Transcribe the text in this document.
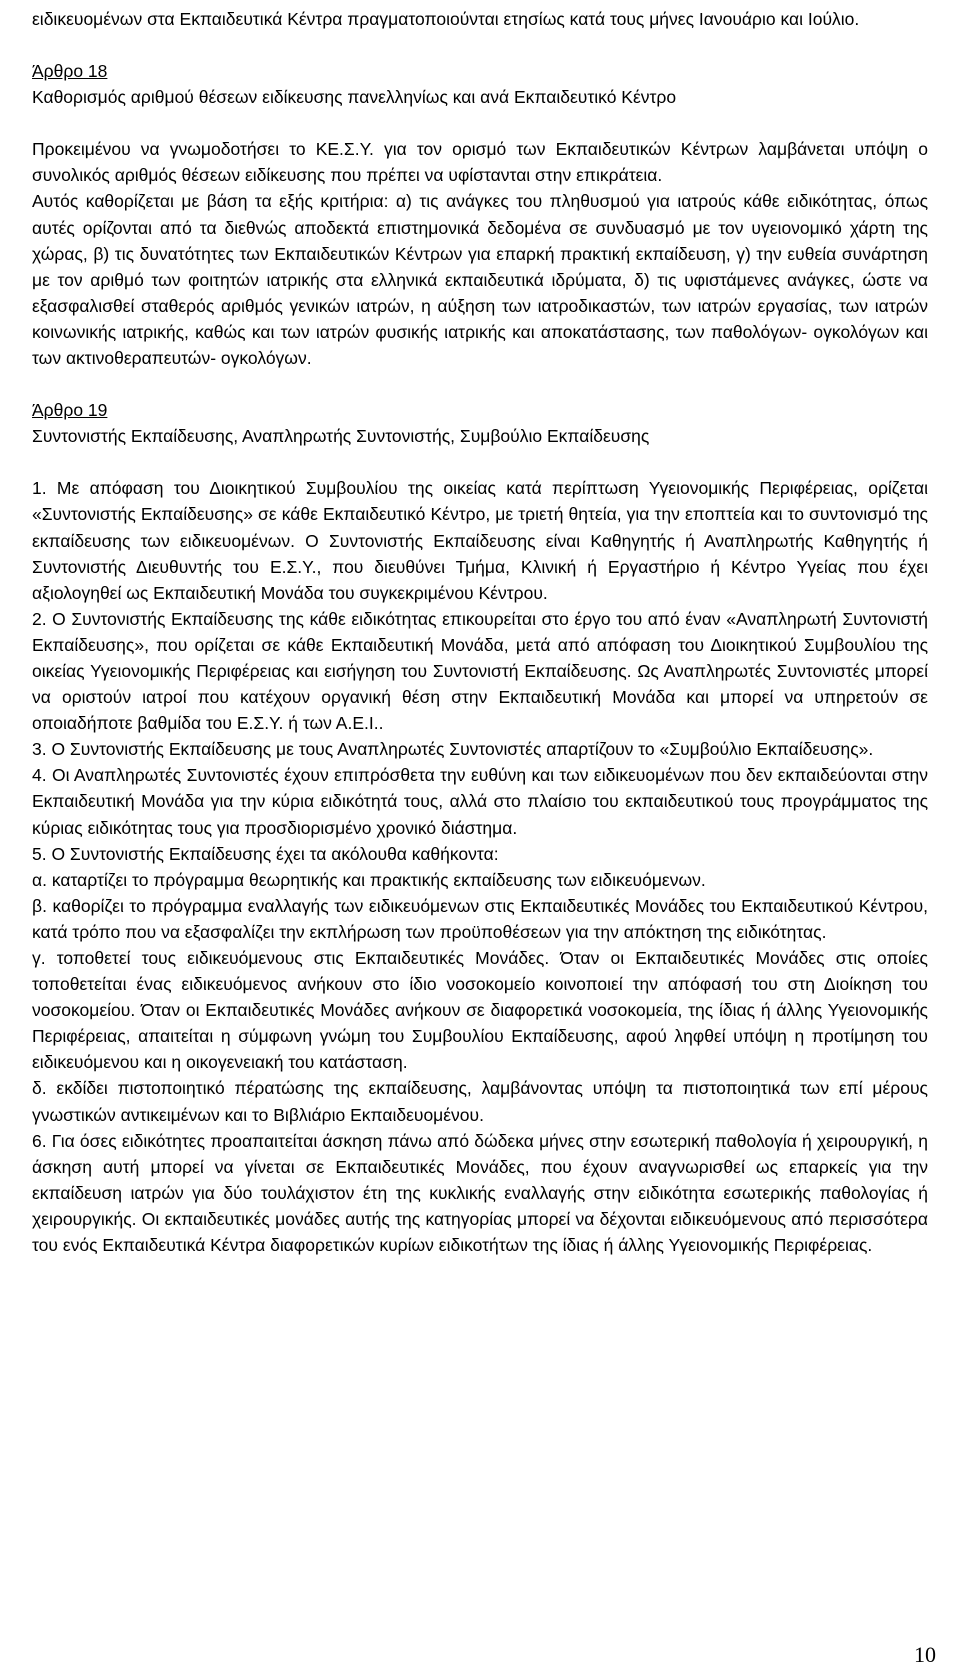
ειδικευομένων στα Εκπαιδευτικά Κέντρα πραγματοποιούνται ετησίως κατά τους μήνες Ιανουάριο και Ιούλιο.

Άρθρο 18

Καθορισμός αριθμού θέσεων ειδίκευσης πανελληνίως και ανά Εκπαιδευτικό Κέντρο

Προκειμένου να γνωμοδοτήσει το ΚΕ.Σ.Υ. για τον ορισμό των Εκπαιδευτικών Κέντρων λαμβάνεται υπόψη ο συνολικός αριθμός θέσεων ειδίκευσης που πρέπει να υφίστανται στην επικράτεια.

Αυτός καθορίζεται με βάση τα εξής κριτήρια: α) τις ανάγκες του πληθυσμού για ιατρούς κάθε ειδικότητας, όπως αυτές ορίζονται από τα διεθνώς αποδεκτά επιστημονικά δεδομένα σε συνδυασμό με τον υγειονομικό χάρτη της χώρας, β) τις δυνατότητες των Εκπαιδευτικών Κέντρων για επαρκή πρακτική εκπαίδευση, γ) την ευθεία συνάρτηση με τον αριθμό των φοιτητών ιατρικής στα ελληνικά εκπαιδευτικά ιδρύματα, δ) τις υφιστάμενες ανάγκες, ώστε να εξασφαλισθεί σταθερός αριθμός γενικών ιατρών, η αύξηση των ιατροδικαστών, των ιατρών εργασίας, των ιατρών κοινωνικής ιατρικής, καθώς και των ιατρών φυσικής ιατρικής και αποκατάστασης, των παθολόγων- ογκολόγων και των ακτινοθεραπευτών- ογκολόγων.

Άρθρο 19

Συντονιστής Εκπαίδευσης, Αναπληρωτής Συντονιστής, Συμβούλιο Εκπαίδευσης

1. Με απόφαση του Διοικητικού Συμβουλίου της οικείας κατά περίπτωση Υγειονομικής Περιφέρειας, ορίζεται «Συντονιστής Εκπαίδευσης» σε κάθε Εκπαιδευτικό Κέντρο, με τριετή θητεία, για την εποπτεία και το συντονισμό της εκπαίδευσης των ειδικευομένων. Ο Συντονιστής Εκπαίδευσης είναι Καθηγητής ή Αναπληρωτής Καθηγητής ή Συντονιστής Διευθυντής του Ε.Σ.Υ., που διευθύνει Τμήμα, Κλινική ή Εργαστήριο ή Κέντρο Υγείας που έχει αξιολογηθεί ως Εκπαιδευτική Μονάδα του συγκεκριμένου Κέντρου.

2. Ο Συντονιστής Εκπαίδευσης της κάθε ειδικότητας επικουρείται στο έργο του από έναν «Αναπληρωτή Συντονιστή Εκπαίδευσης», που ορίζεται σε κάθε Εκπαιδευτική Μονάδα, μετά από απόφαση του Διοικητικού Συμβουλίου της οικείας Υγειονομικής Περιφέρειας και εισήγηση του Συντονιστή Εκπαίδευσης. Ως Αναπληρωτές Συντονιστές μπορεί να οριστούν ιατροί που κατέχουν οργανική θέση στην Εκπαιδευτική Μονάδα και μπορεί να υπηρετούν σε οποιαδήποτε βαθμίδα του Ε.Σ.Υ. ή των Α.Ε.Ι..

3. Ο Συντονιστής Εκπαίδευσης με τους Αναπληρωτές Συντονιστές απαρτίζουν το «Συμβούλιο Εκπαίδευσης».

4. Οι Αναπληρωτές Συντονιστές έχουν επιπρόσθετα την ευθύνη και των ειδικευομένων που δεν εκπαιδεύονται στην Εκπαιδευτική Μονάδα για την κύρια ειδικότητά τους, αλλά στο πλαίσιο του εκπαιδευτικού τους προγράμματος της κύριας ειδικότητας τους για προσδιορισμένο χρονικό διάστημα.

5. Ο Συντονιστής Εκπαίδευσης έχει τα ακόλουθα καθήκοντα:

α. καταρτίζει το πρόγραμμα θεωρητικής και πρακτικής εκπαίδευσης των ειδικευόμενων.

β. καθορίζει το πρόγραμμα εναλλαγής των ειδικευόμενων στις Εκπαιδευτικές Μονάδες του Εκπαιδευτικού Κέντρου, κατά τρόπο που να εξασφαλίζει την εκπλήρωση των προϋποθέσεων για την απόκτηση της ειδικότητας.

γ. τοποθετεί τους ειδικευόμενους στις Εκπαιδευτικές Μονάδες. Όταν οι Εκπαιδευτικές Μονάδες στις οποίες τοποθετείται ένας ειδικευόμενος ανήκουν στο ίδιο νοσοκομείο κοινοποιεί την απόφασή του στη Διοίκηση του νοσοκομείου. Όταν οι Εκπαιδευτικές Μονάδες ανήκουν σε διαφορετικά νοσοκομεία, της ίδιας ή άλλης Υγειονομικής Περιφέρειας, απαιτείται η σύμφωνη γνώμη του Συμβουλίου Εκπαίδευσης, αφού ληφθεί υπόψη η προτίμηση του ειδικευόμενου και η οικογενειακή του κατάσταση.

δ. εκδίδει πιστοποιητικό πέρατώσης της εκπαίδευσης, λαμβάνοντας υπόψη τα πιστοποιητικά των επί μέρους γνωστικών αντικειμένων και το Βιβλιάριο Εκπαιδευομένου.

6. Για όσες ειδικότητες προαπαιτείται άσκηση πάνω από δώδεκα μήνες στην εσωτερική παθολογία ή χειρουργική, η άσκηση αυτή μπορεί να γίνεται σε Εκπαιδευτικές Μονάδες, που έχουν αναγνωρισθεί ως επαρκείς για την εκπαίδευση ιατρών για δύο τουλάχιστον έτη της κυκλικής εναλλαγής στην ειδικότητα εσωτερικής παθολογίας ή χειρουργικής. Οι εκπαιδευτικές μονάδες αυτής της κατηγορίας μπορεί να δέχονται ειδικευόμενους από περισσότερα του ενός Εκπαιδευτικά Κέντρα διαφορετικών κυρίων ειδικοτήτων της ίδιας ή άλλης Υγειονομικής Περιφέρειας.

10
